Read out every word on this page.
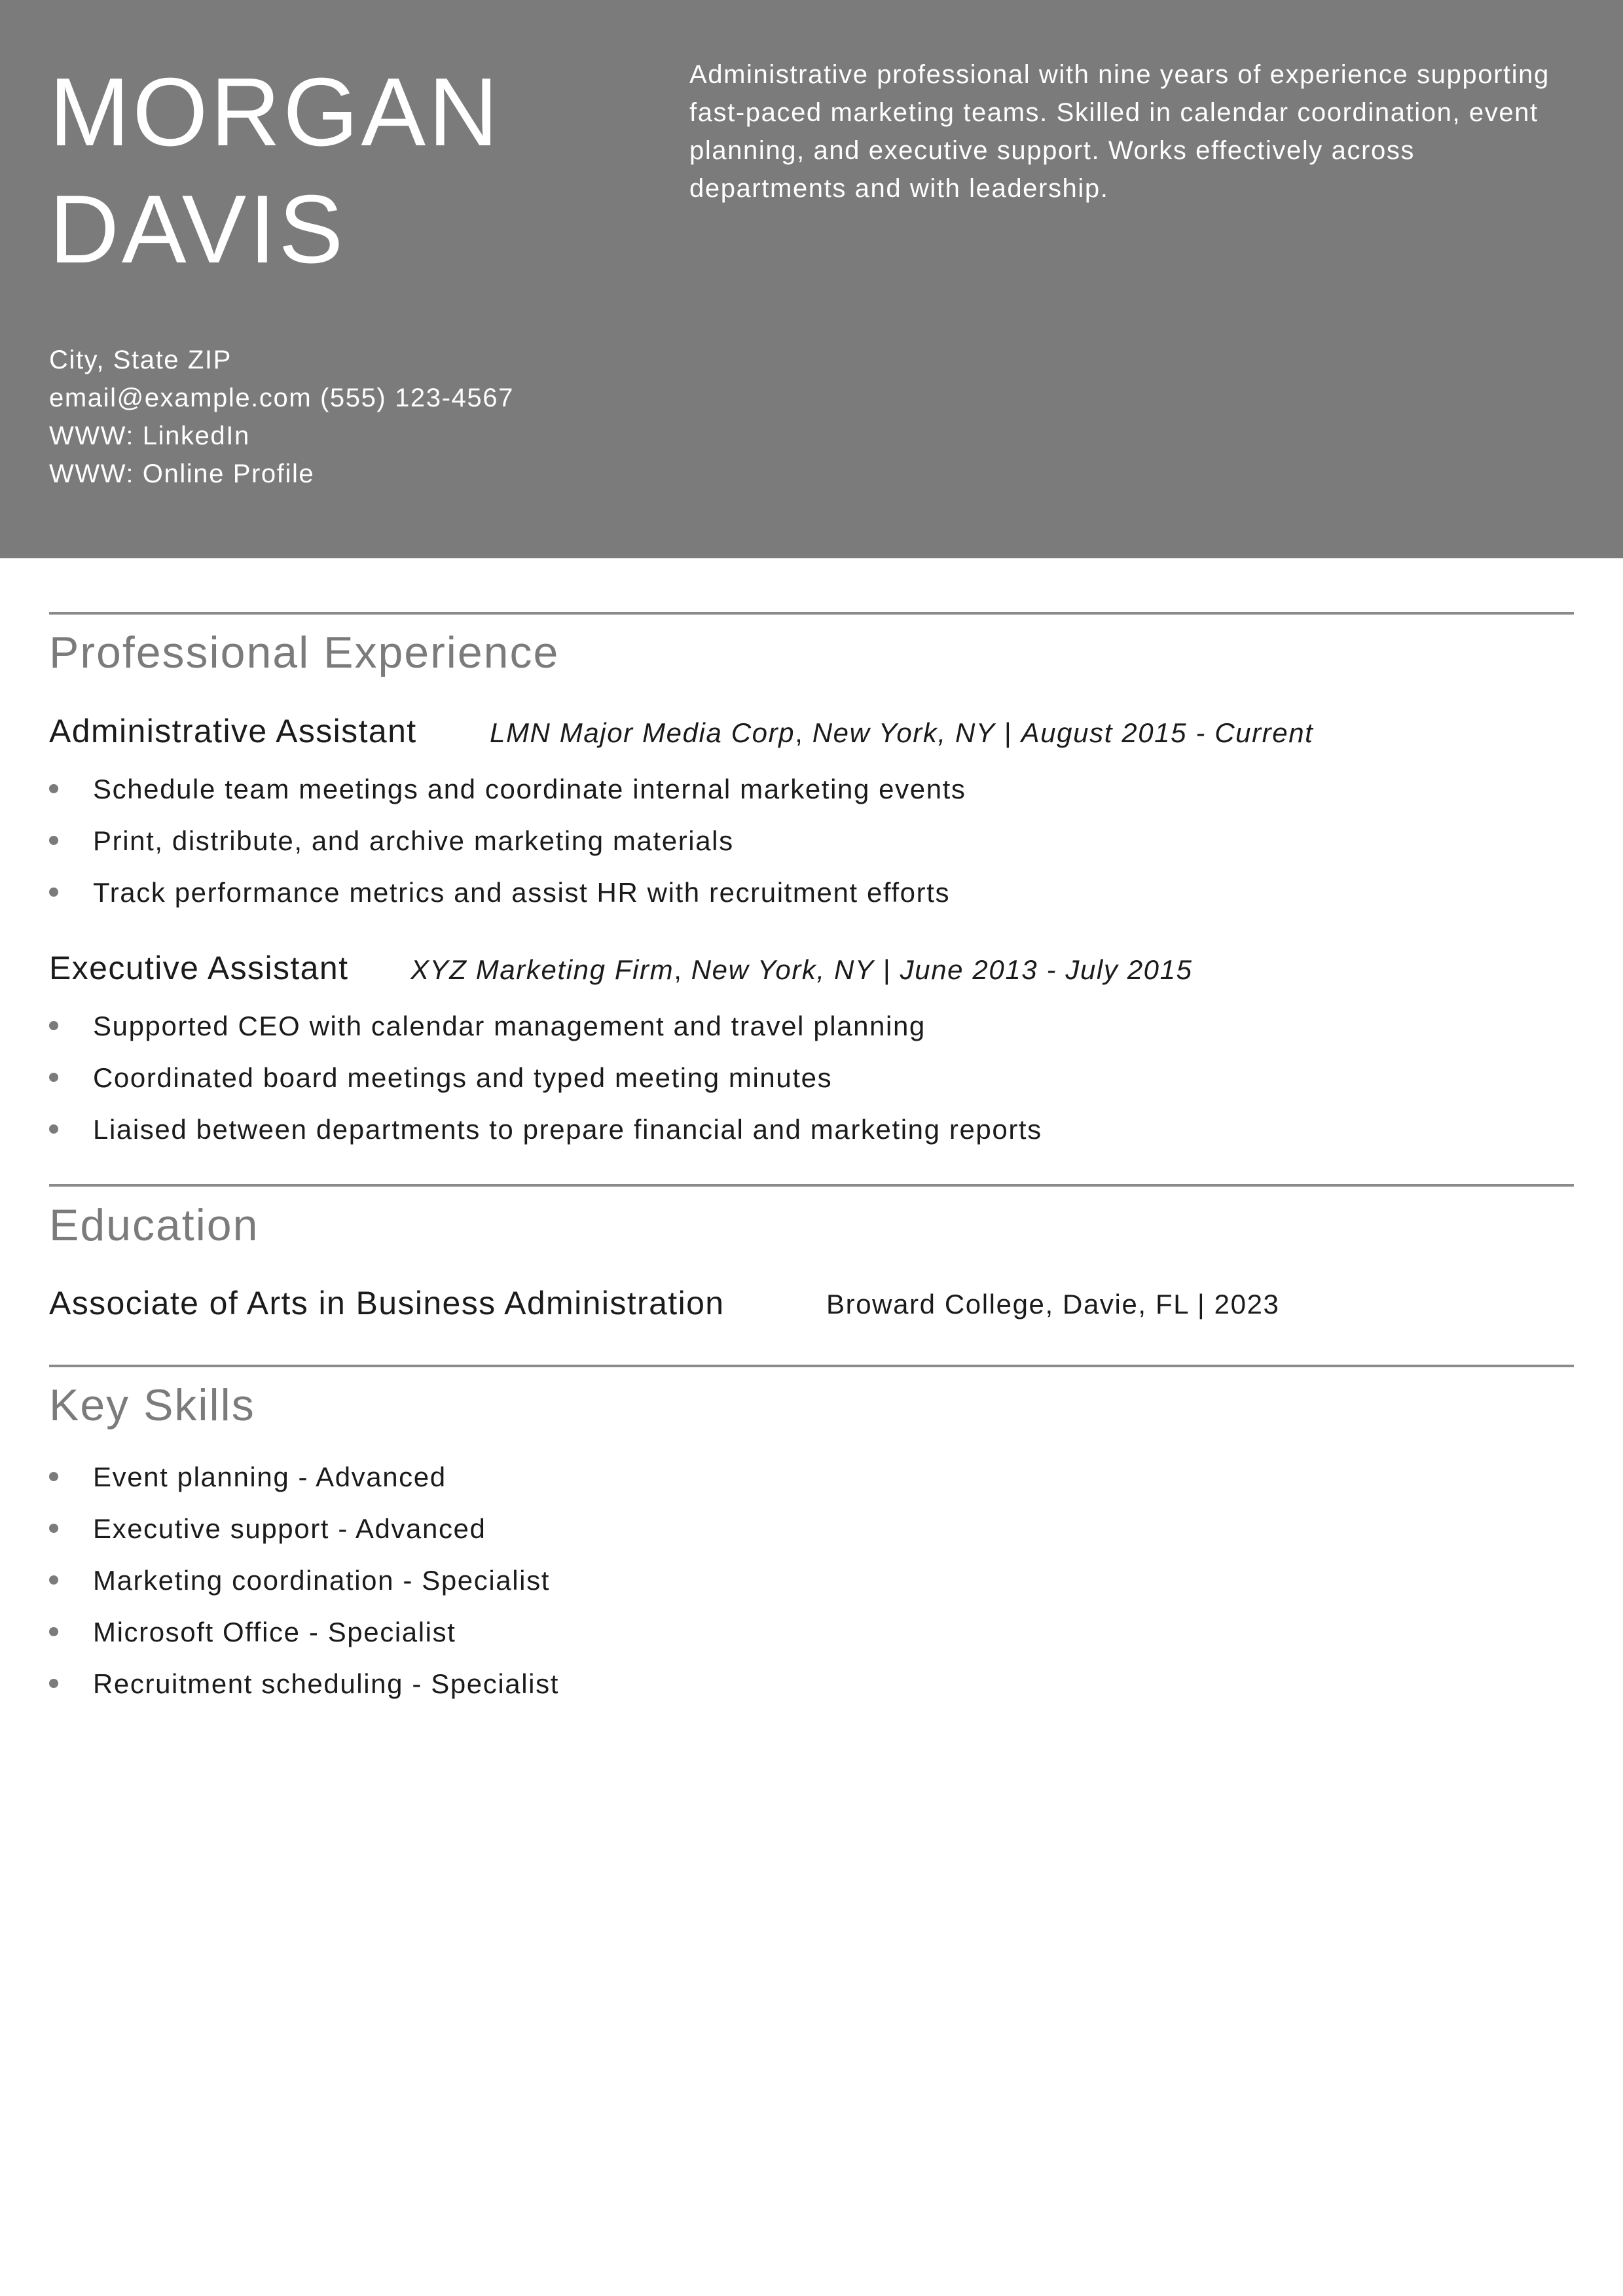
MORGAN
DAVIS
Administrative professional with nine years of experience supporting fast-paced marketing teams. Skilled in calendar coordination, event planning, and executive support. Works effectively across departments and with leadership.
City, State ZIP
email@example.com (555) 123-4567
WWW: LinkedIn
WWW: Online Profile
Professional Experience
Administrative Assistant	LMN Major Media Corp, New York, NY | August 2015 - Current
Schedule team meetings and coordinate internal marketing events
Print, distribute, and archive marketing materials
Track performance metrics and assist HR with recruitment efforts
Executive Assistant XYZ Marketing Firm, New York, NY | June 2013 - July 2015
Supported CEO with calendar management and travel planning
Coordinated board meetings and typed meeting minutes
Liaised between departments to prepare financial and marketing reports
Education
Associate of Arts in Business Administration	Broward College, Davie, FL | 2023
Key Skills
Event planning - Advanced
Executive support - Advanced
Marketing coordination - Specialist
Microsoft Office - Specialist
Recruitment scheduling - Specialist
